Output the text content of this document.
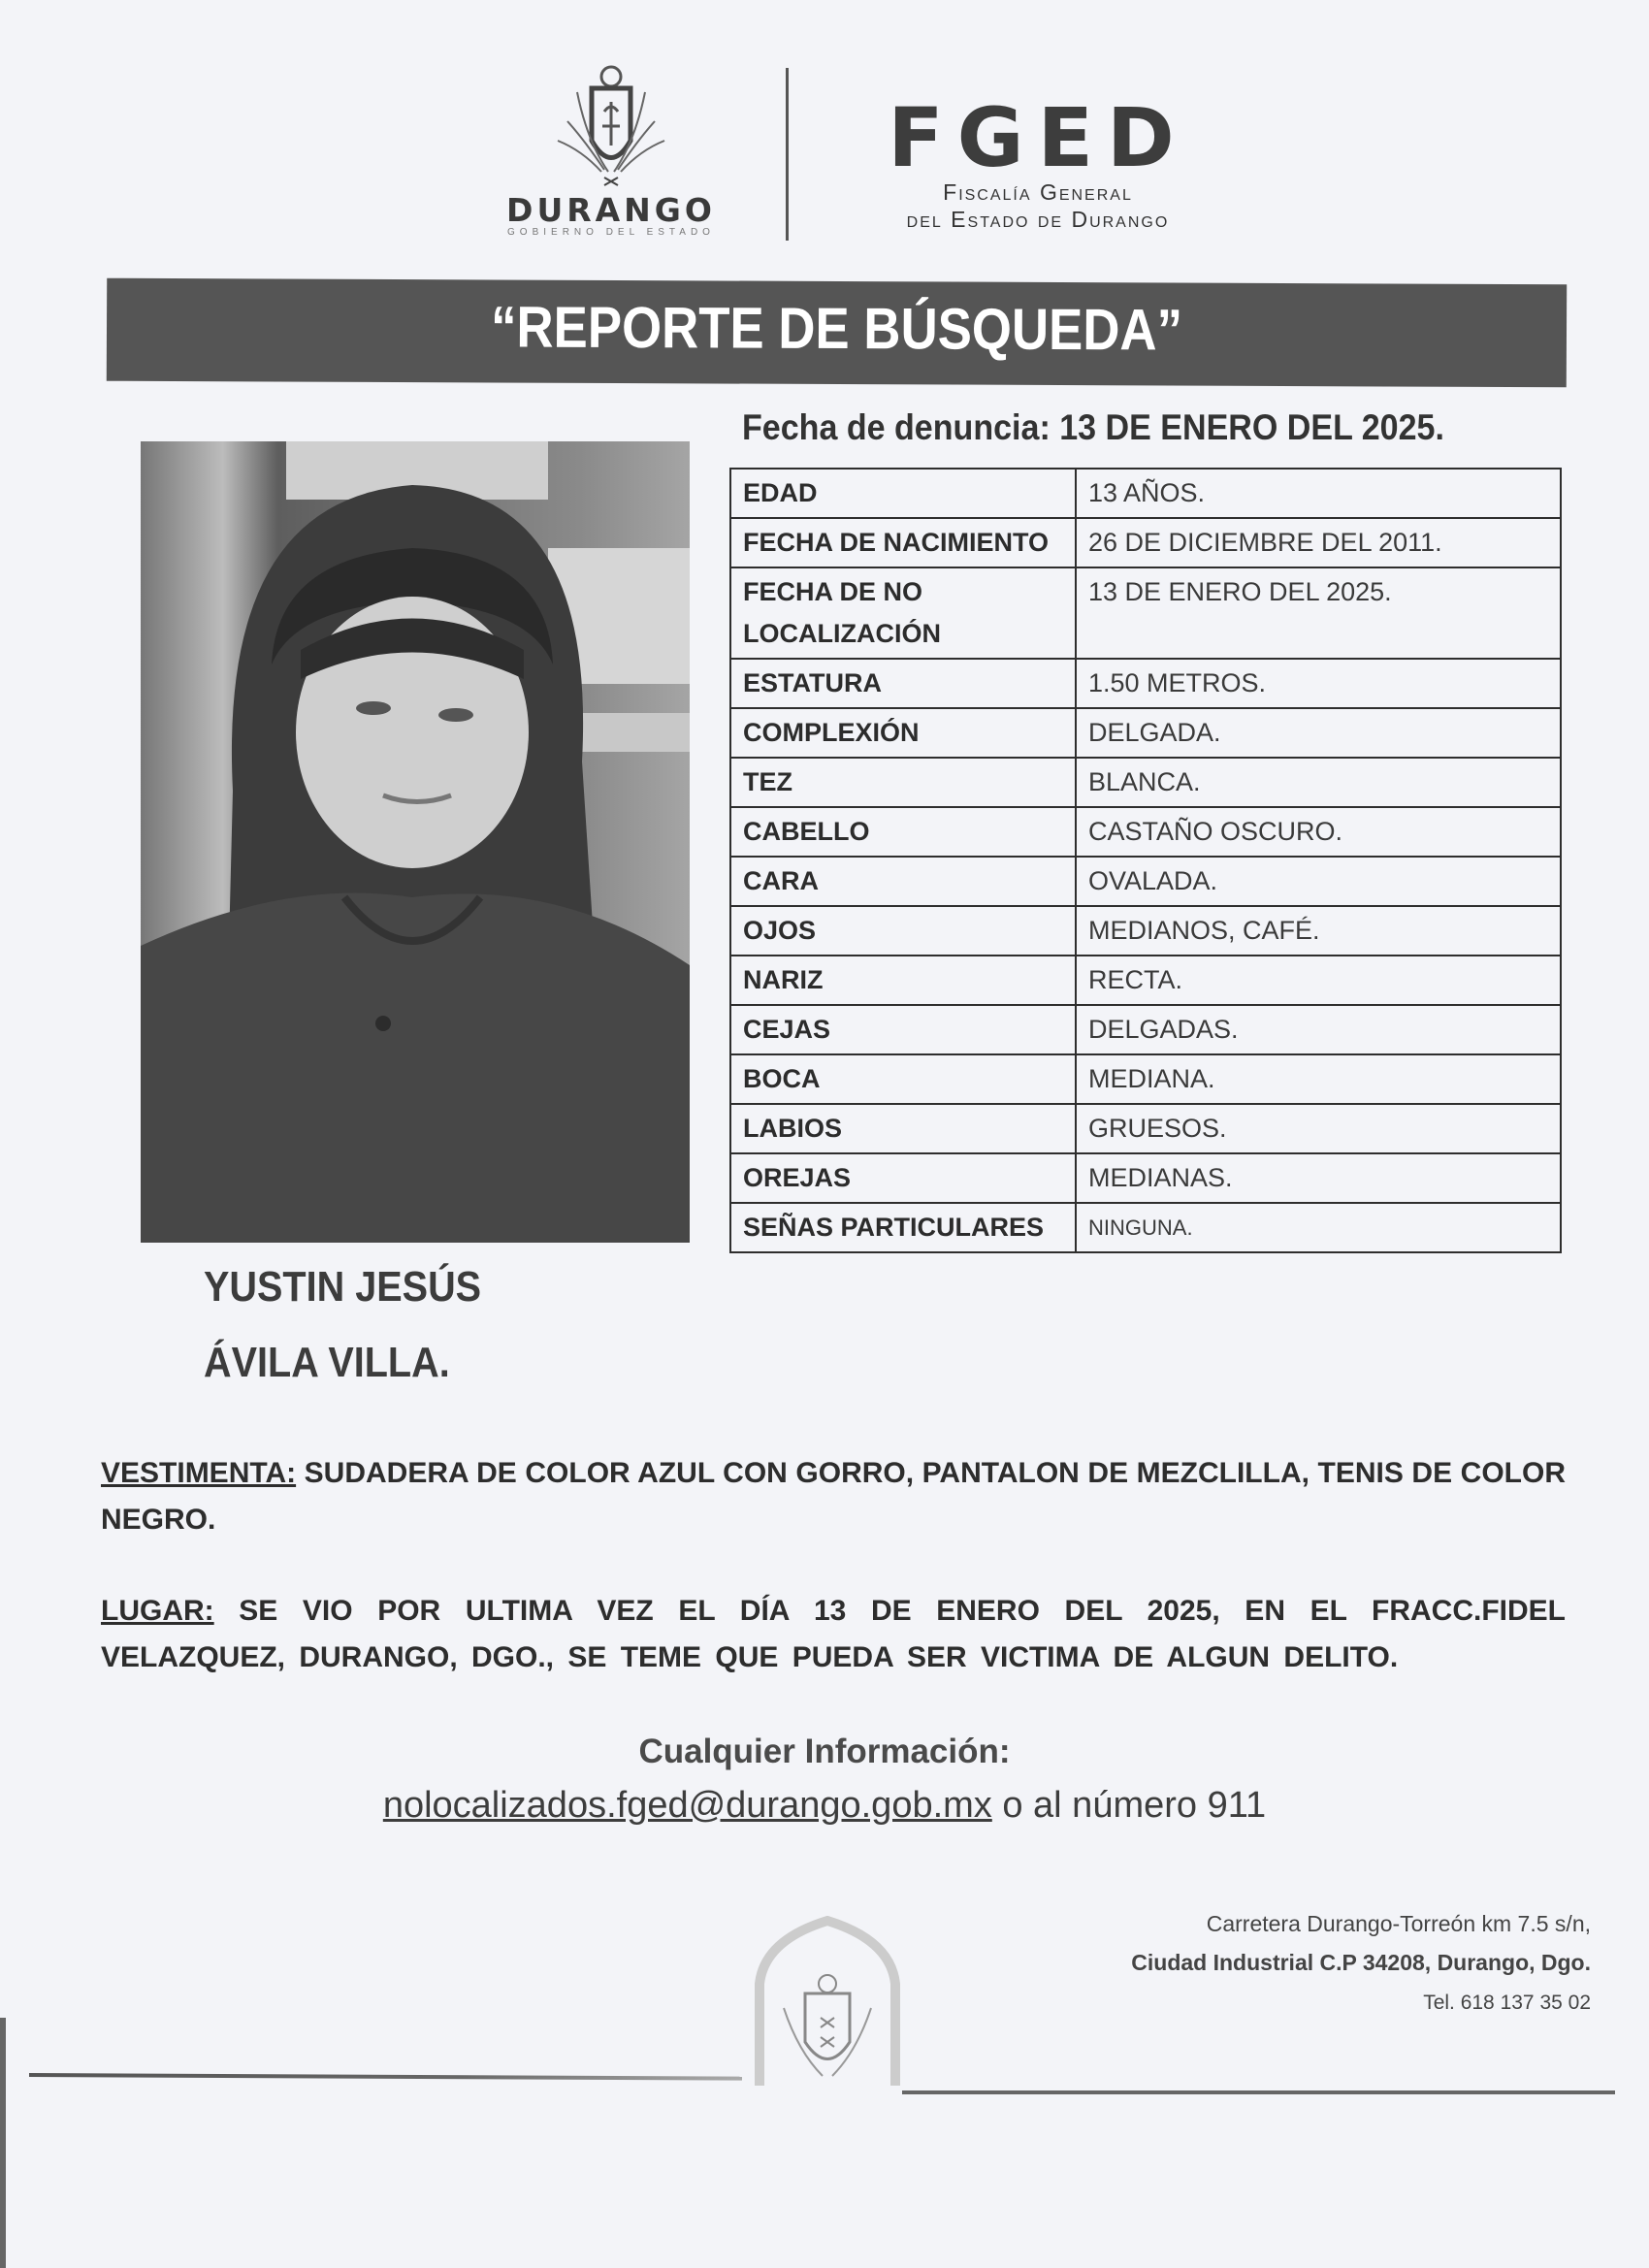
DURANGO
GOBIERNO DEL ESTADO
FGED
Fiscalía General
del Estado de Durango
“REPORTE DE BÚSQUEDA”
Fecha de denuncia: 13 DE ENERO DEL 2025.
EDAD	13 AÑOS.
FECHA DE NACIMIENTO	26 DE DICIEMBRE DEL 2011.
FECHA DE NO LOCALIZACIÓN	13 DE ENERO DEL 2025.
ESTATURA	1.50 METROS.
COMPLEXIÓN	DELGADA.
TEZ	BLANCA.
CABELLO	CASTAÑO OSCURO.
CARA	OVALADA.
OJOS	MEDIANOS, CAFÉ.
NARIZ	RECTA.
CEJAS	DELGADAS.
BOCA	MEDIANA.
LABIOS	GRUESOS.
OREJAS	MEDIANAS.
SEÑAS PARTICULARES	NINGUNA.
YUSTIN JESÚS
ÁVILA VILLA.
VESTIMENTA: SUDADERA DE COLOR AZUL CON GORRO, PANTALON DE MEZCLILLA, TENIS DE COLOR NEGRO.
LUGAR: SE VIO POR ULTIMA VEZ EL DÍA 13 DE ENERO DEL 2025, EN EL FRACC.FIDEL VELAZQUEZ, DURANGO, DGO., SE TEME QUE PUEDA SER VICTIMA DE ALGUN DELITO.
Cualquier Información:
nolocalizados.fged@durango.gob.mx o al número 911
Carretera Durango-Torreón km 7.5 s/n,
Ciudad Industrial C.P 34208, Durango, Dgo.
Tel. 618 137 35 02
